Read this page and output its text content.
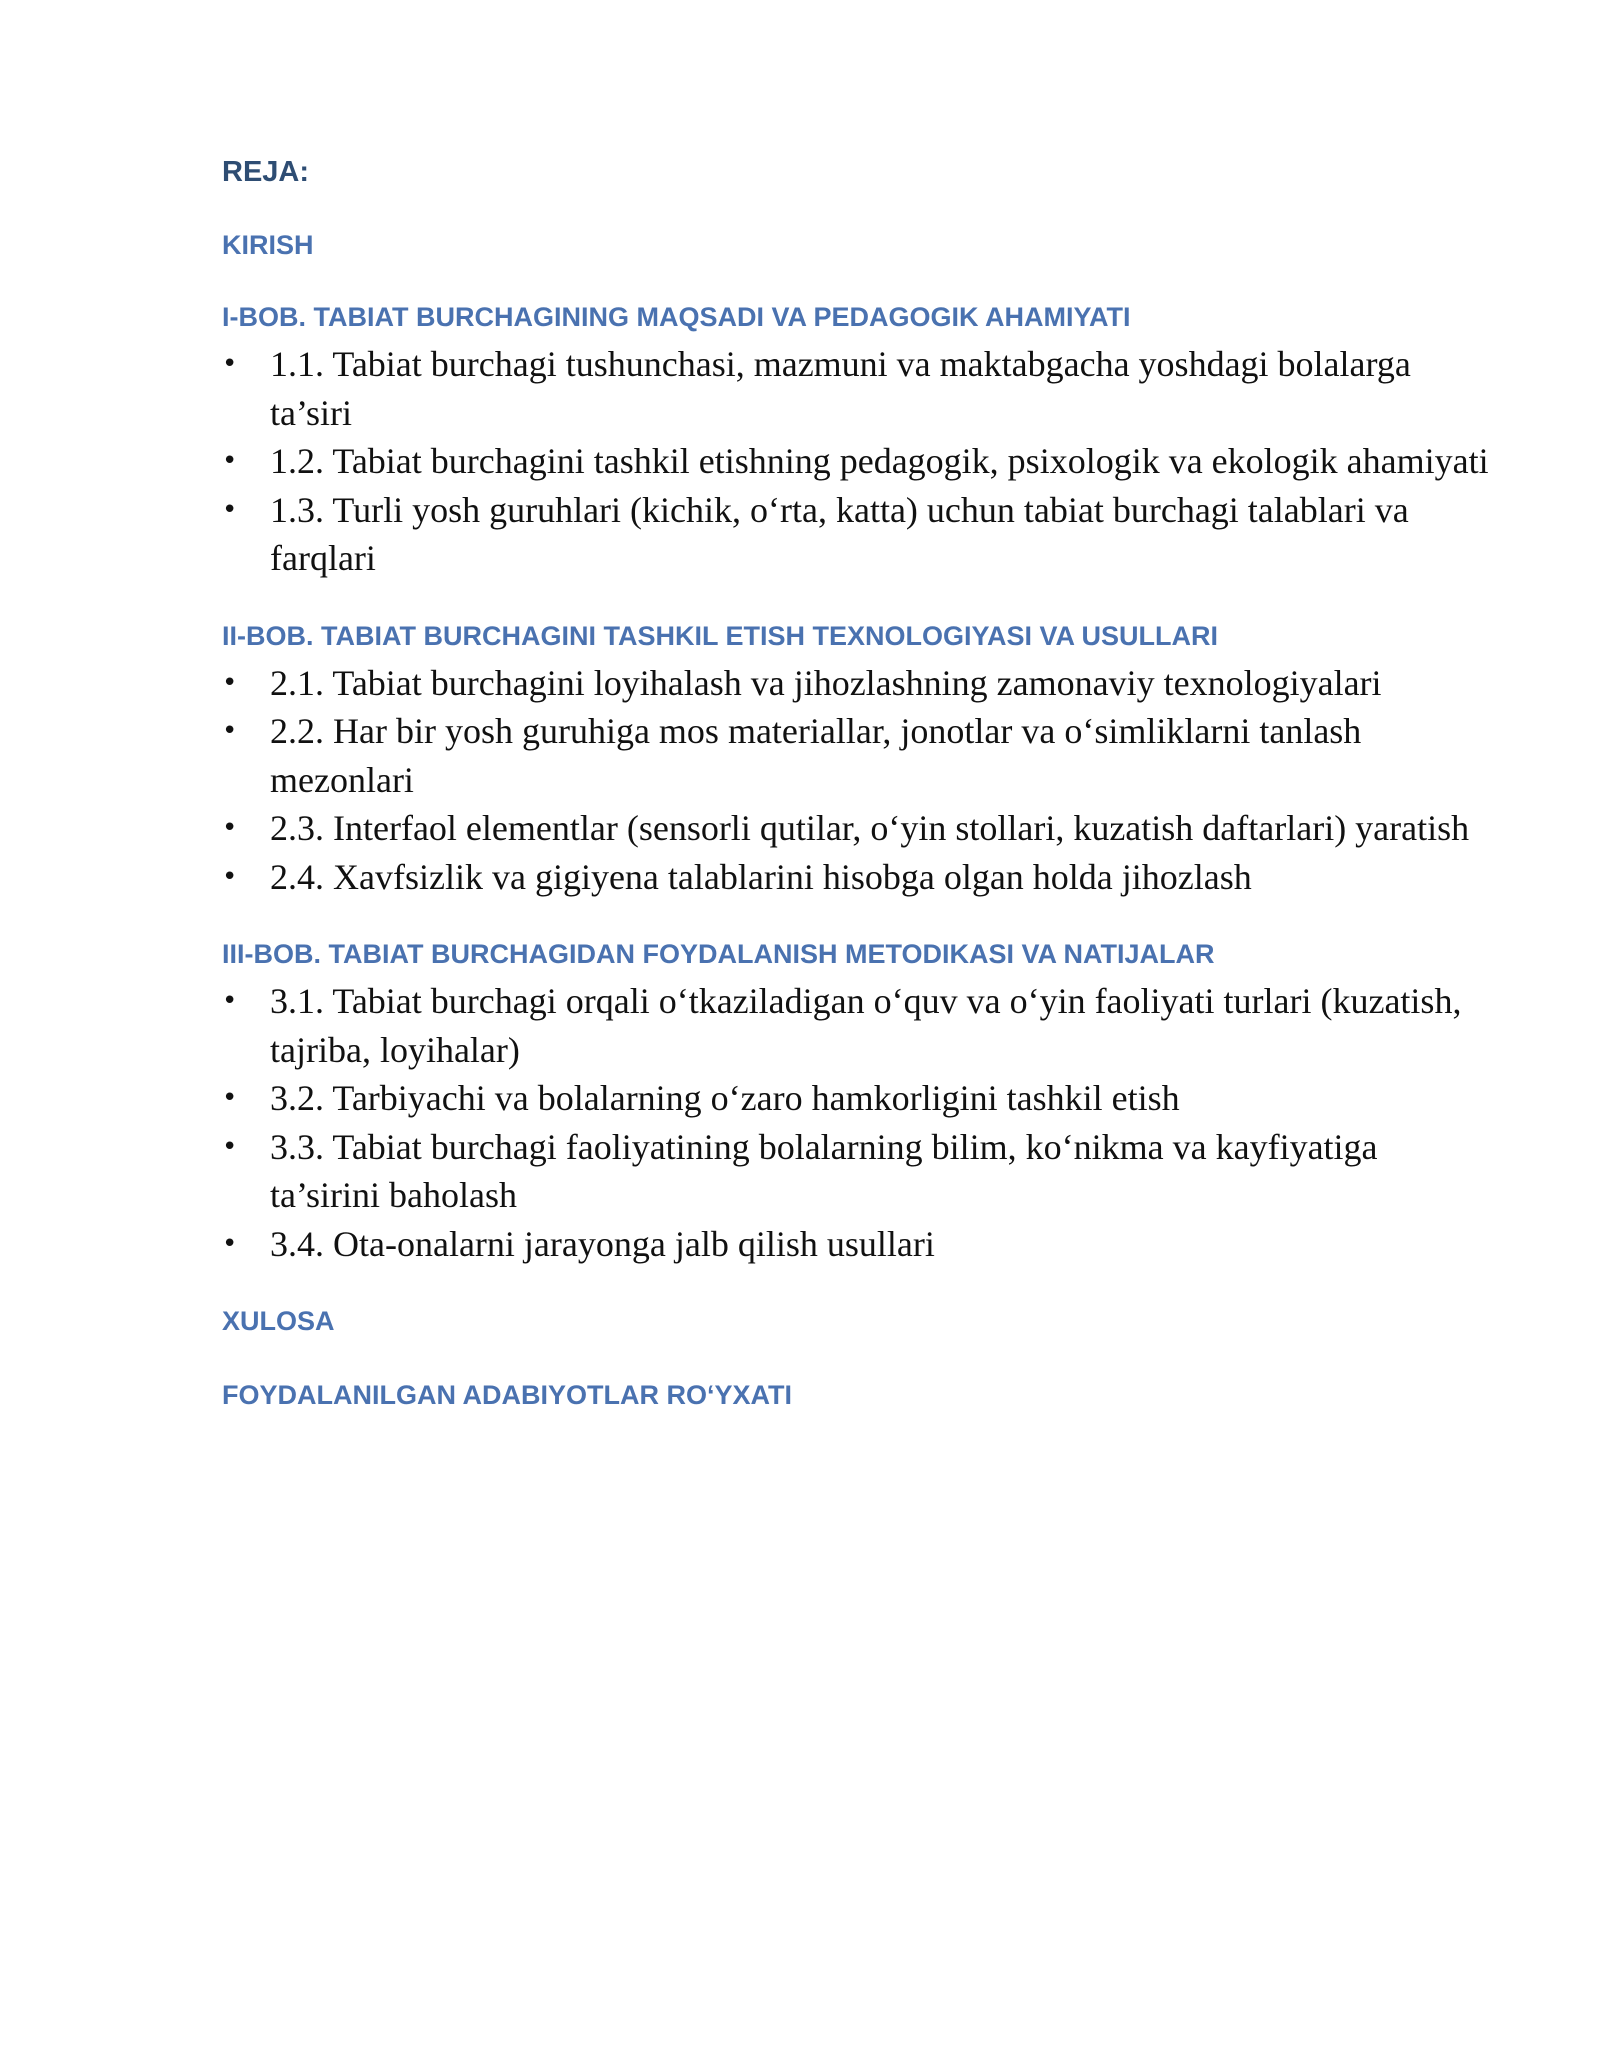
REJA:

KIRISH

I-BOB. TABIAT BURCHAGINING MAQSADI VA PEDAGOGIK AHAMIYATI

• 1.1. Tabiat burchagi tushunchasi, mazmuni va maktabgacha yoshdagi bolalarga ta’siri
• 1.2. Tabiat burchagini tashkil etishning pedagogik, psixologik va ekologik ahamiyati
• 1.3. Turli yosh guruhlari (kichik, o‘rta, katta) uchun tabiat burchagi talablari va farqlari

II-BOB. TABIAT BURCHAGINI TASHKIL ETISH TEXNOLOGIYASI VA USULLARI

• 2.1. Tabiat burchagini loyihalash va jihozlashning zamonaviy texnologiyalari
• 2.2. Har bir yosh guruhiga mos materiallar, jonotlar va o‘simliklarni tanlash mezonlari
• 2.3. Interfaol elementlar (sensorli qutilar, o‘yin stollari, kuzatish daftarlari) yaratish
• 2.4. Xavfsizlik va gigiyena talablarini hisobga olgan holda jihozlash

III-BOB. TABIAT BURCHAGIDAN FOYDALANISH METODIKASI VA NATIJALAR

• 3.1. Tabiat burchagi orqali o‘tkaziladigan o‘quv va o‘yin faoliyati turlari (kuzatish, tajriba, loyihalar)
• 3.2. Tarbiyachi va bolalarning o‘zaro hamkorligini tashkil etish
• 3.3. Tabiat burchagi faoliyatining bolalarning bilim, ko‘nikma va kayfiyatiga ta’sirini baholash
• 3.4. Ota-onalarni jarayonga jalb qilish usullari

XULOSA

FOYDALANILGAN ADABIYOTLAR RO‘YXATI
